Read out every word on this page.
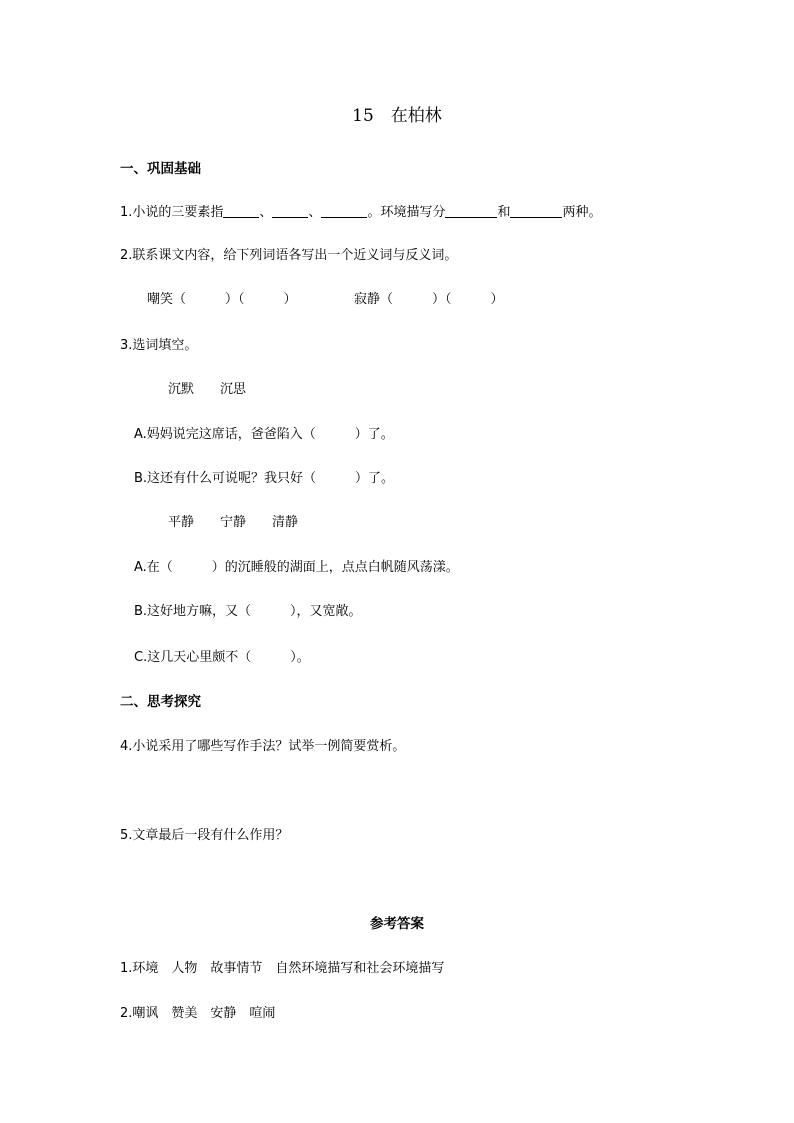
15　在柏林
一、巩固基础
1.小说的三要素指	、	、	。环境描写分	和	两种。
2.联系课文内容，给下列词语各写出一个近义词与反义词。
嘲笑（　　　）（　　　）	寂静（　　　）（　　　）
3.选词填空。
沉默　　沉思
A.妈妈说完这席话，爸爸陷入（　　　）了。
B.这还有什么可说呢？我只好（　　　）了。
平静　　宁静　　清静
A.在（　　　）的沉睡般的湖面上，点点白帆随风荡漾。
B.这好地方嘛，又（　　　），又宽敞。
C.这几天心里颇不（　　　）。
二、思考探究
4.小说采用了哪些写作手法？试举一例简要赏析。
5.文章最后一段有什么作用？
参考答案
1.环境　人物　故事情节　自然环境描写和社会环境描写
2.嘲讽　赞美　安静　喧闹
